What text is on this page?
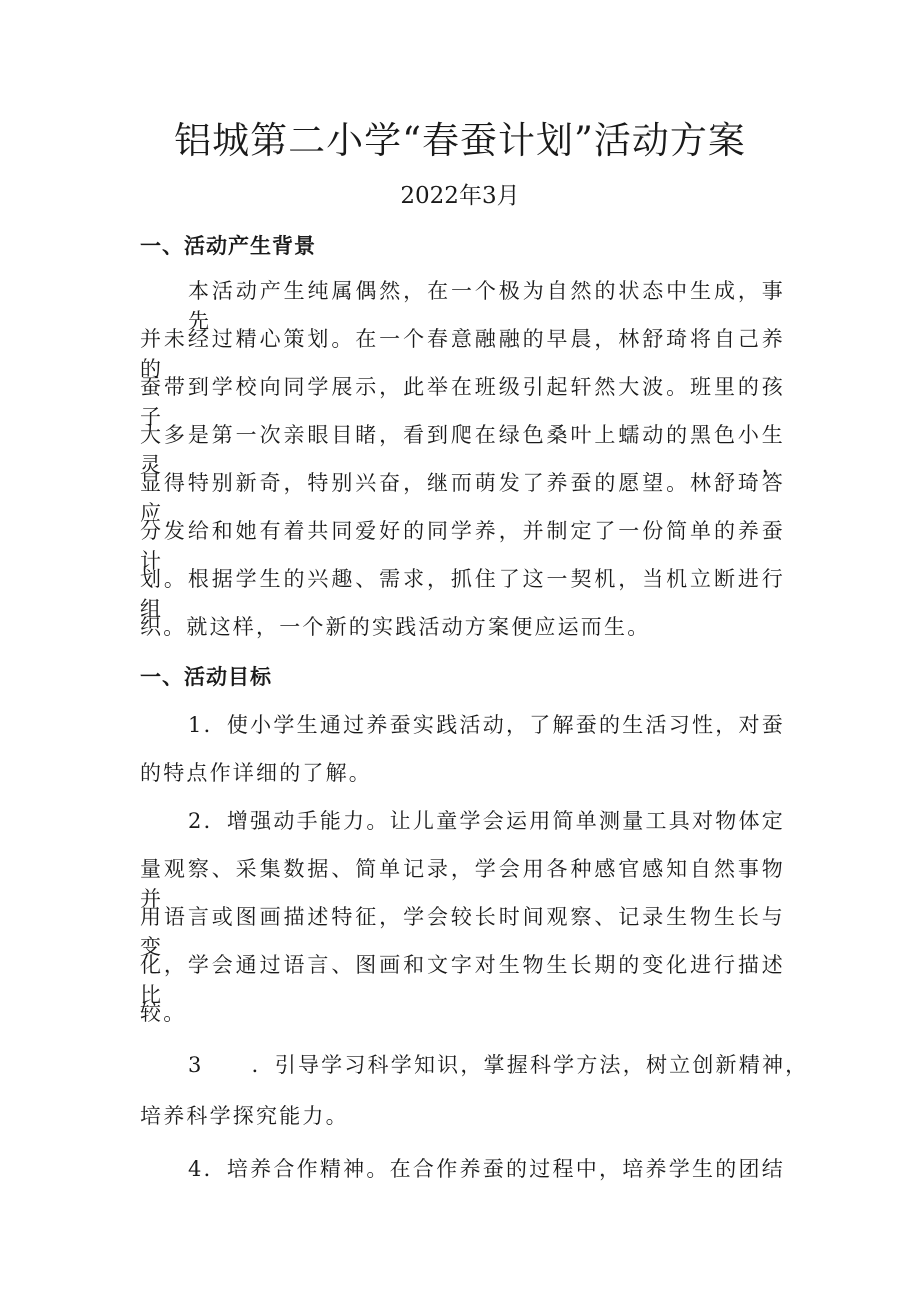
铝城第二小学“春蚕计划”活动方案
2022年3月
一、活动产生背景
本活动产生纯属偶然，在一个极为自然的状态中生成，事先
并未经过精心策划。在一个春意融融的早晨，林舒琦将自己养的
蚕带到学校向同学展示，此举在班级引起轩然大波。班里的孩子
大多是第一次亲眼目睹，看到爬在绿色桑叶上蠕动的黑色小生灵，
显得特别新奇，特别兴奋，继而萌发了养蚕的愿望。林舒琦答应
分发给和她有着共同爱好的同学养，并制定了一份简单的养蚕计
划。根据学生的兴趣、需求，抓住了这一契机，当机立断进行组
织。就这样，一个新的实践活动方案便应运而生。
一、活动目标
1．使小学生通过养蚕实践活动，了解蚕的生活习性，对蚕
的特点作详细的了解。
2．增强动手能力。让儿童学会运用简单测量工具对物体定
量观察、采集数据、简单记录，学会用各种感官感知自然事物并
用语言或图画描述特征，学会较长时间观察、记录生物生长与变
化，学会通过语言、图画和文字对生物生长期的变化进行描述比
较。
3 ．引导学习科学知识，掌握科学方法，树立创新精神，
培养科学探究能力。
4．培养合作精神。在合作养蚕的过程中，培养学生的团结
